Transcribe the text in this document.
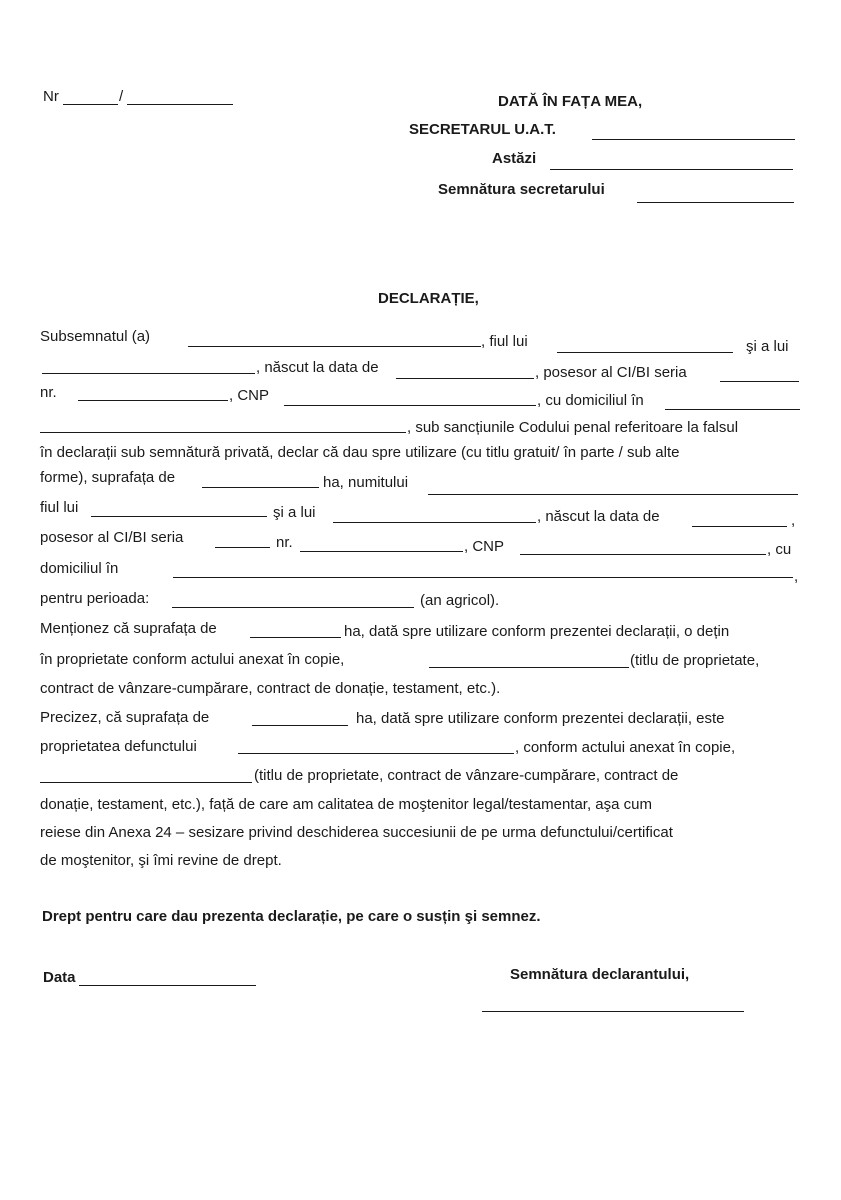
Nr	/	DATĂ ÎN FAȚA MEA,
SECRETARUL U.A.T.
Astăzi
Semnătura secretarului
DECLARAȚIE,
Subsemnatul (a)	, fiul lui	şi a lui
, născut la data de	, posesor al CI/BI seria
nr.	, CNP	, cu domiciliul în
, sub sancțiunile Codului penal referitoare la falsul
în declarații sub semnătură privată, declar că dau spre utilizare (cu titlu gratuit/ în parte / sub alte
forme), suprafața de	ha, numitului
fiul lui	şi a lui	, născut la data de	,
posesor al CI/BI seria	nr.	, CNP	, cu
domiciliul în	,
pentru perioada:	(an agricol).
Menționez că suprafața de	ha, dată spre utilizare conform prezentei declarații, o dețin
în proprietate conform actului anexat în copie,	(titlu de proprietate,
contract de vânzare-cumpărare, contract de donație, testament, etc.).
Precizez, că suprafața de	ha, dată spre utilizare conform prezentei declarații, este
proprietatea defunctului	, conform actului anexat în copie,
(titlu de proprietate, contract de vânzare-cumpărare, contract de
donație, testament, etc.), față de care am calitatea de moştenitor legal/testamentar, aşa cum
reiese din Anexa 24 – sesizare privind deschiderea succesiunii de pe urma defunctului/certificat
de moştenitor, şi îmi revine de drept.
Drept pentru care dau prezenta declarație, pe care o susțin şi semnez.
Data	Semnătura declarantului,
